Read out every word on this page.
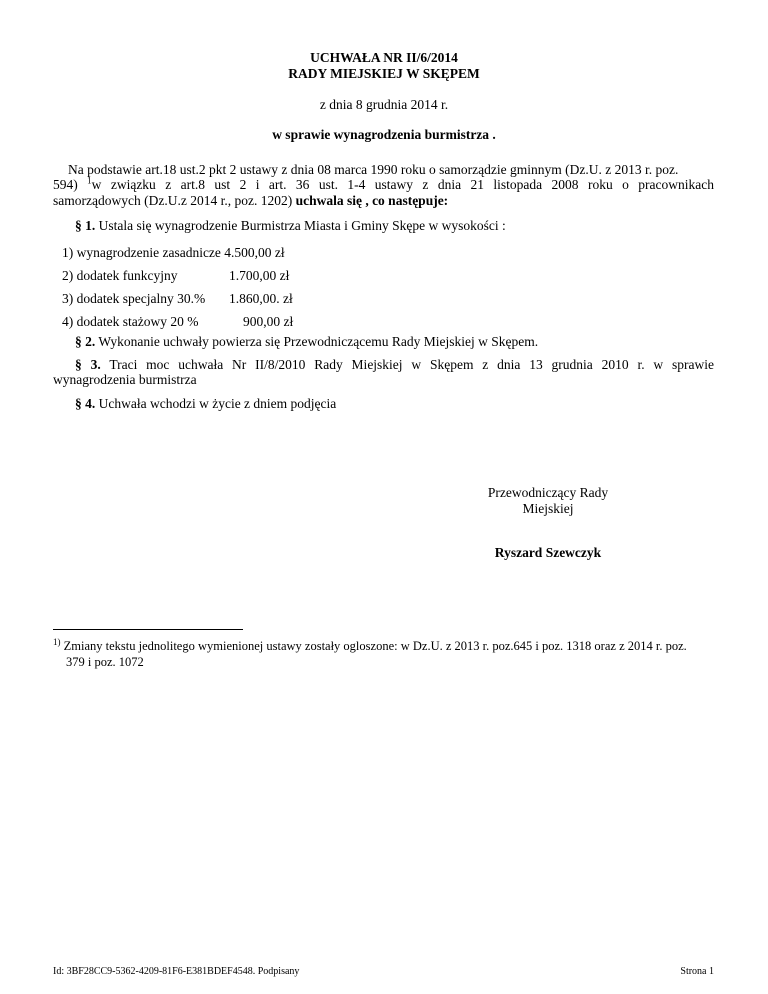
UCHWAŁA NR II/6/2014
RADY MIEJSKIEJ W SKĘPEM
z dnia 8 grudnia 2014 r.
w sprawie wynagrodzenia burmistrza .
Na podstawie art.18 ust.2 pkt 2 ustawy z dnia 08 marca 1990 roku o samorządzie gminnym (Dz.U. z 2013 r. poz.
594) $^1$w związku z art.8 ust 2 i art. 36 ust. 1-4 ustawy z dnia 21 listopada 2008 roku o pracownikach
samorządowych (Dz.U.z 2014 r., poz. 1202) uchwala się , co następuje:
§ 1. Ustala się wynagrodzenie Burmistrza Miasta i Gminy Skępe w wysokości :
1) wynagrodzenie zasadnicze 4.500,00 zł
2) dodatek funkcyjny	1.700,00 zł
3) dodatek specjalny 30.% 1.860,00. zł
4) dodatek stażowy 20 %	900,00 zł
§ 2. Wykonanie uchwały powierza się Przewodniczącemu Rady Miejskiej w Skępem.
§ 3. Traci moc uchwała Nr II/8/2010 Rady Miejskiej w Skępem z dnia 13 grudnia 2010 r. w sprawie
wynagrodzenia burmistrza
§ 4. Uchwała wchodzi w życie z dniem podjęcia
Przewodniczący Rady
Miejskiej
Ryszard Szewczyk
$^{1)}$ Zmiany tekstu jednolitego wymienionej ustawy zostały ogloszone: w Dz.U. z 2013 r. poz.645 i poz. 1318 oraz z 2014 r. poz.
379 i poz. 1072
Id: 3BF28CC9-5362-4209-81F6-E381BDEF4548. Podpisany	Strona 1
